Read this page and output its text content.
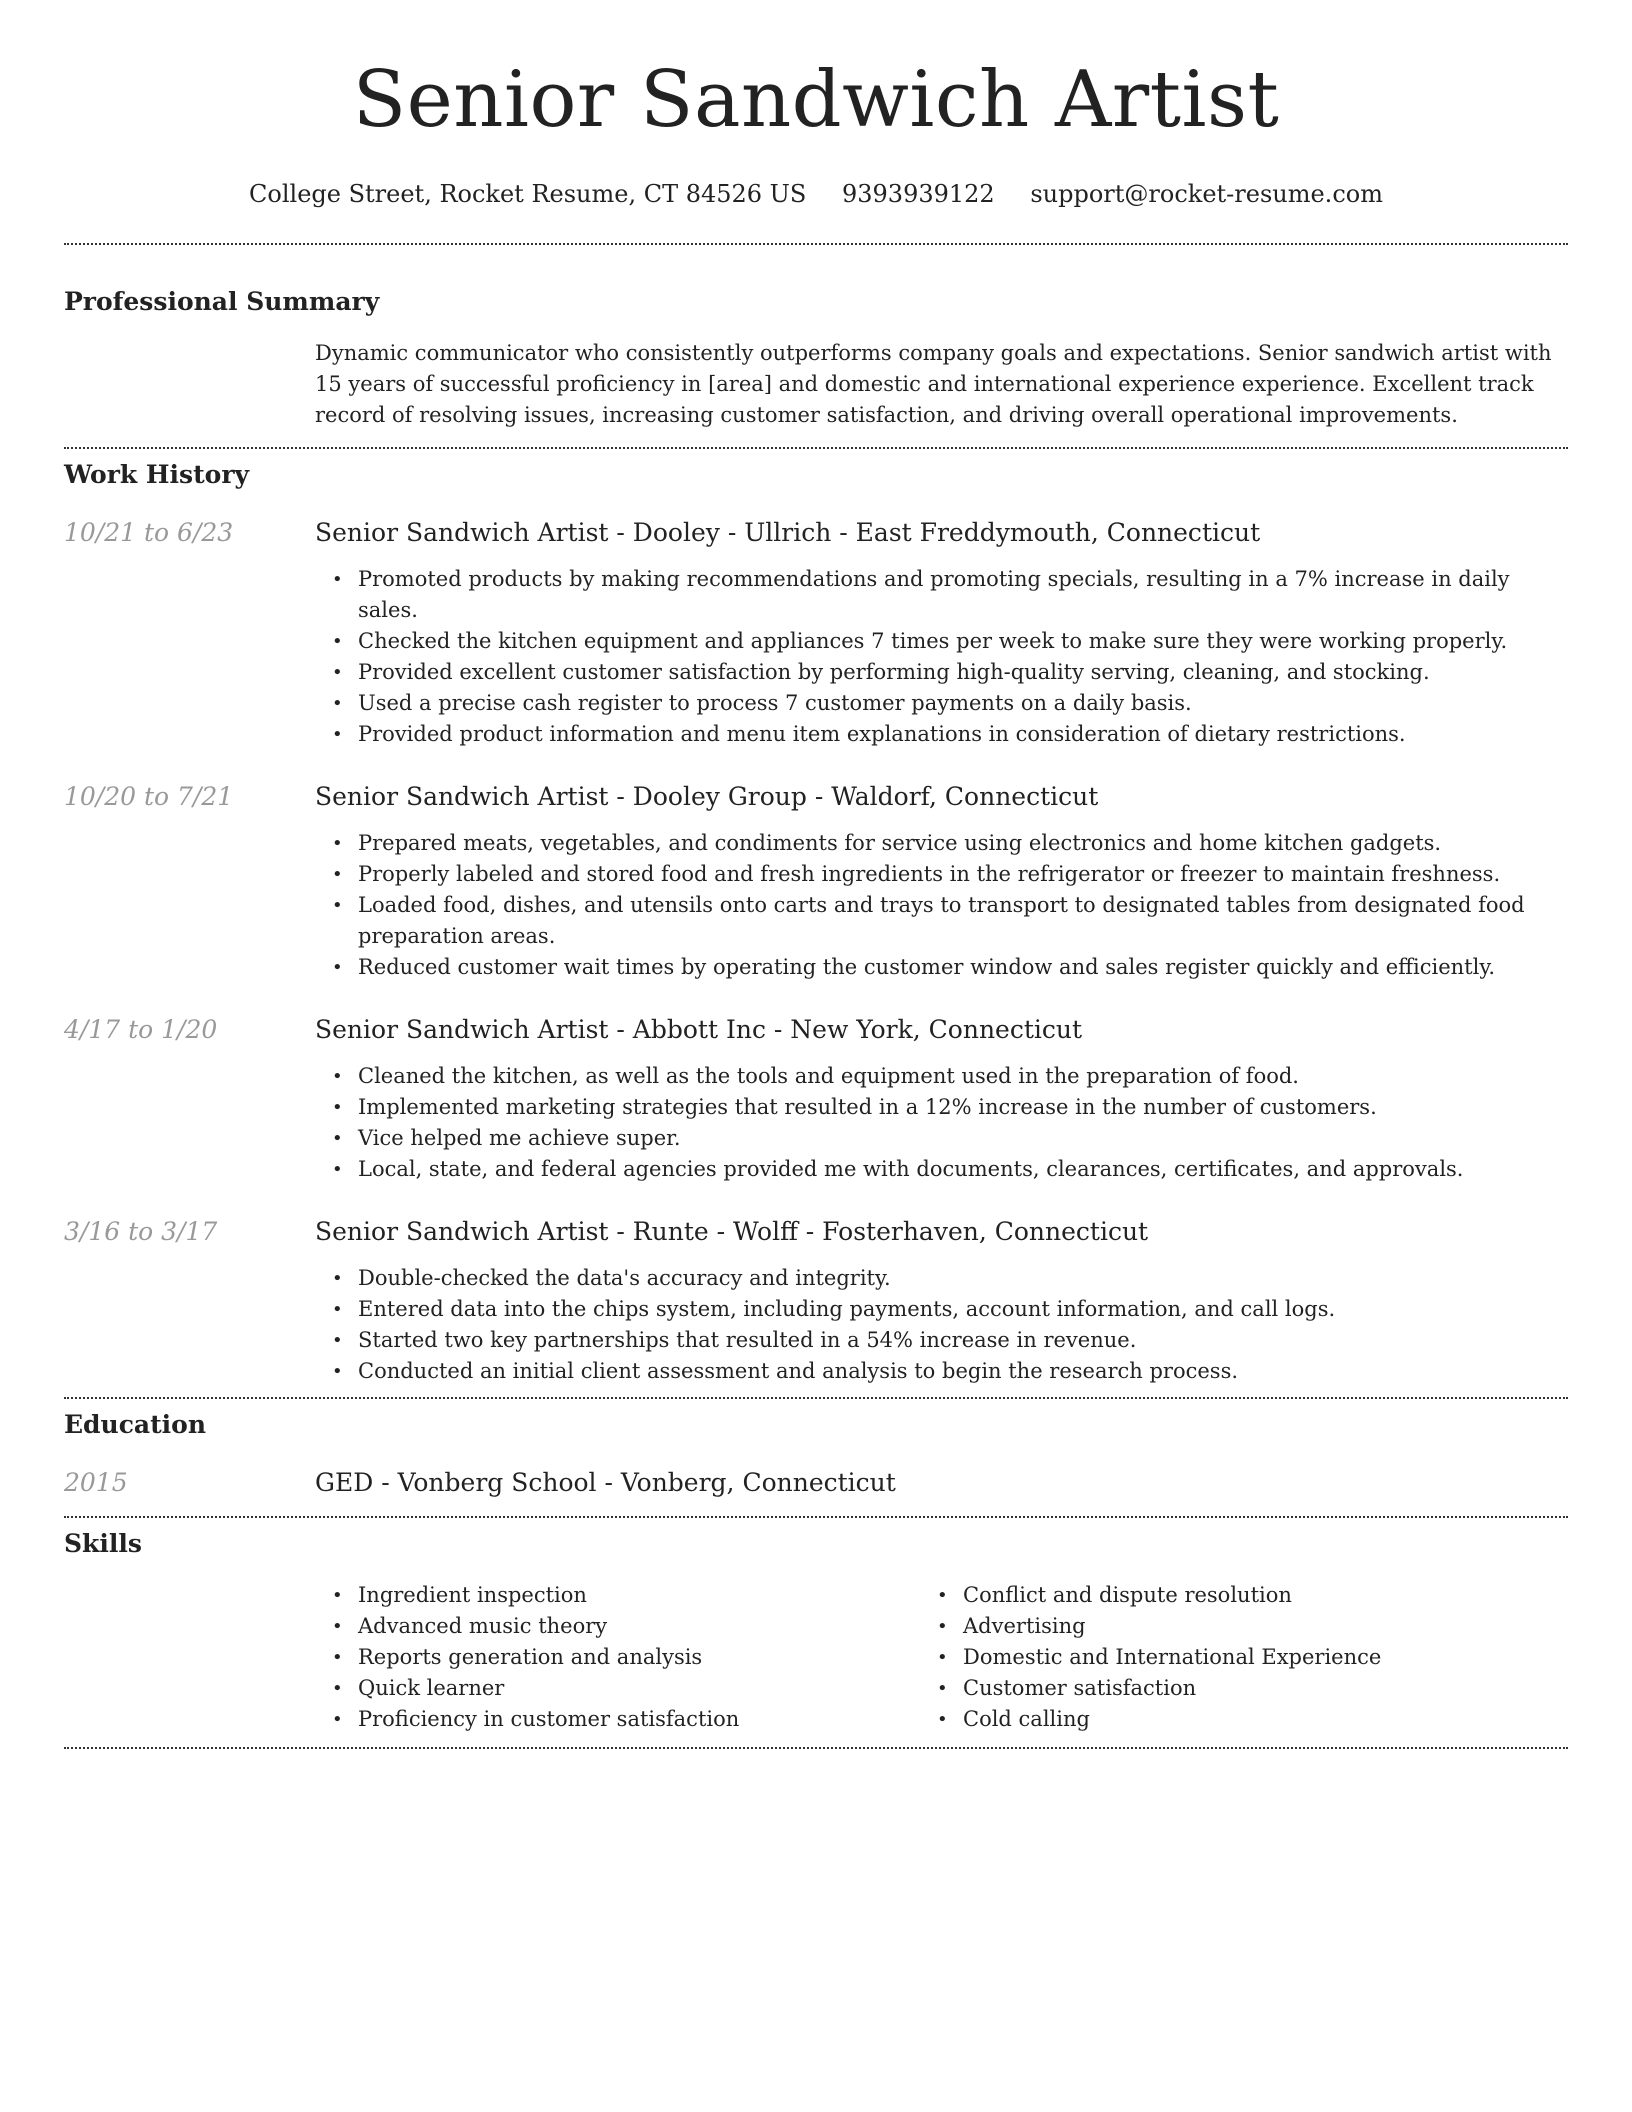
Senior Sandwich Artist
College Street, Rocket Resume, CT 84526 US 9393939122 support@rocket-resume.com
Professional Summary
Dynamic communicator who consistently outperforms company goals and expectations. Senior sandwich artist with 15 years of successful proficiency in [area] and domestic and international experience experience. Excellent track record of resolving issues, increasing customer satisfaction, and driving overall operational improvements.
Work History
10/21 to 6/23	Senior Sandwich Artist - Dooley - Ullrich - East Freddymouth, Connecticut
• Promoted products by making recommendations and promoting specials, resulting in a 7% increase in daily sales.
• Checked the kitchen equipment and appliances 7 times per week to make sure they were working properly.
• Provided excellent customer satisfaction by performing high-quality serving, cleaning, and stocking.
• Used a precise cash register to process 7 customer payments on a daily basis.
• Provided product information and menu item explanations in consideration of dietary restrictions.
10/20 to 7/21	Senior Sandwich Artist - Dooley Group - Waldorf, Connecticut
• Prepared meats, vegetables, and condiments for service using electronics and home kitchen gadgets.
• Properly labeled and stored food and fresh ingredients in the refrigerator or freezer to maintain freshness.
• Loaded food, dishes, and utensils onto carts and trays to transport to designated tables from designated food preparation areas.
• Reduced customer wait times by operating the customer window and sales register quickly and efficiently.
4/17 to 1/20	Senior Sandwich Artist - Abbott Inc - New York, Connecticut
• Cleaned the kitchen, as well as the tools and equipment used in the preparation of food.
• Implemented marketing strategies that resulted in a 12% increase in the number of customers.
• Vice helped me achieve super.
• Local, state, and federal agencies provided me with documents, clearances, certificates, and approvals.
3/16 to 3/17	Senior Sandwich Artist - Runte - Wolff - Fosterhaven, Connecticut
• Double-checked the data's accuracy and integrity.
• Entered data into the chips system, including payments, account information, and call logs.
• Started two key partnerships that resulted in a 54% increase in revenue.
• Conducted an initial client assessment and analysis to begin the research process.
Education
2015	GED - Vonberg School - Vonberg, Connecticut
Skills
• Ingredient inspection
• Advanced music theory
• Reports generation and analysis
• Quick learner
• Proficiency in customer satisfaction
• Conflict and dispute resolution
• Advertising
• Domestic and International Experience
• Customer satisfaction
• Cold calling
